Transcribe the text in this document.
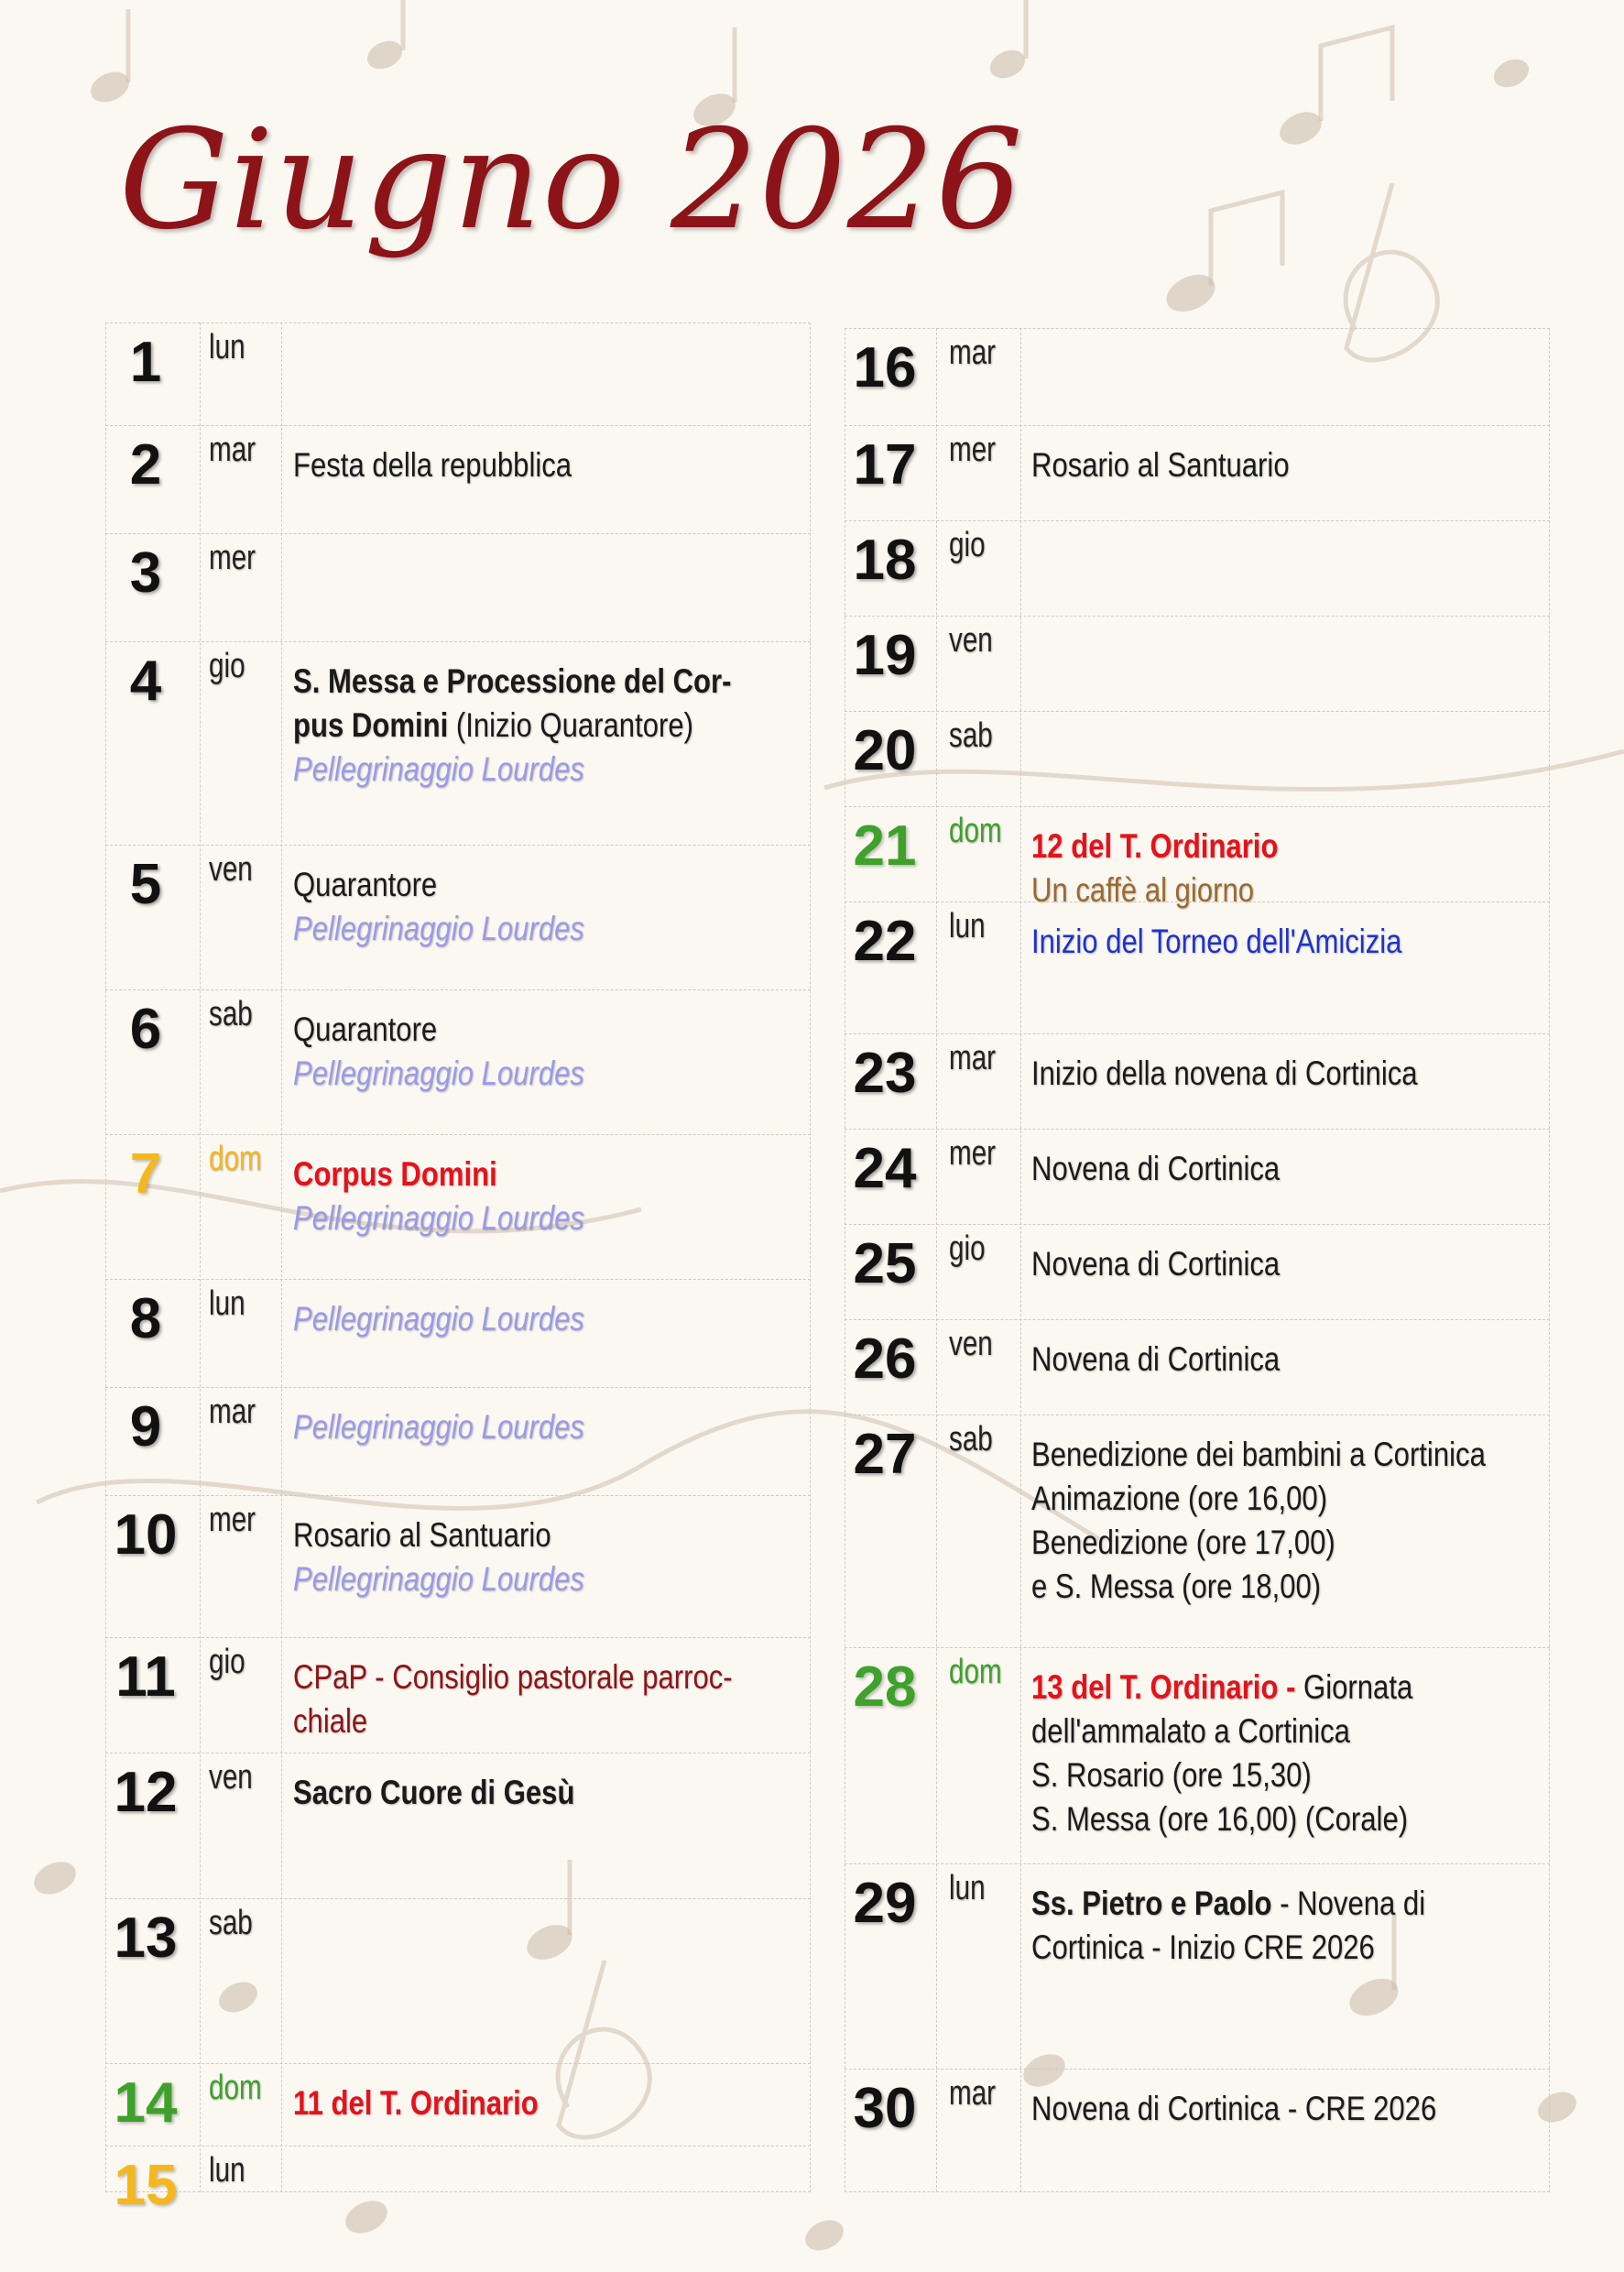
Giugno 2026
1	lun
2	mar	Festa della repubblica
3	mer
4	gio	S. Messa e Processione del Cor-
pus Domini (Inizio Quarantore)
Pellegrinaggio Lourdes
5	ven	Quarantore
Pellegrinaggio Lourdes
6	sab	Quarantore
Pellegrinaggio Lourdes
7	dom Corpus Domini
Pellegrinaggio Lourdes
8	lun	Pellegrinaggio Lourdes
9	mar	Pellegrinaggio Lourdes
10 mer	Rosario al Santuario
Pellegrinaggio Lourdes
11 gio	CPaP - Consiglio pastorale parroc-
chiale
12 ven	Sacro Cuore di Gesù
13 sab
14 dom 11 del T. Ordinario
15 lun
16 mar
17 mer	Rosario al Santuario
18 gio
19 ven
20 sab
21 dom 12 del T. Ordinario
Un caffè al giorno
22 lun	Inizio del Torneo dell'Amicizia
23 mar	Inizio della novena di Cortinica
24 mer	Novena di Cortinica
25 gio	Novena di Cortinica
26 ven	Novena di Cortinica
27 sab	Benedizione dei bambini a Cortinica
Animazione (ore 16,00)
Benedizione (ore 17,00)
e S. Messa (ore 18,00)
28 dom 13 del T. Ordinario - Giornata
dell'ammalato a Cortinica
S. Rosario (ore 15,30)
S. Messa (ore 16,00) (Corale)
29 lun	Ss. Pietro e Paolo - Novena di
Cortinica - Inizio CRE 2026
30 mar	Novena di Cortinica - CRE 2026
